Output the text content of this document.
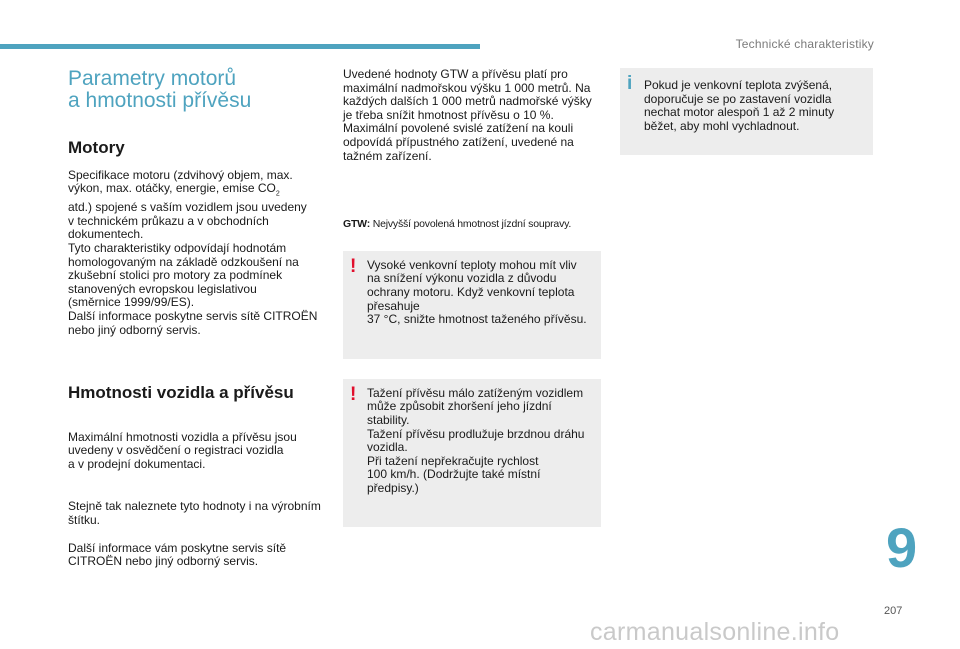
Technické charakteristiky
Parametry motorů
a hmotnosti přívěsu
Motory

Specifikace motoru (zdvihový objem, max. výkon, max. otáčky, energie, emise $CO_2$
atd.) spojené s vaším vozidlem jsou uvedeny
v technickém průkazu a v obchodních dokumentech.
Tyto charakteristiky odpovídají hodnotám homologovaným na základě odzkoušení na zkušební stolici pro motory za podmínek stanovených evropskou legislativou
(směrnice 1999/99/ES).
Další informace poskytne servis sítě CITROËN nebo jiný odborný servis.

Hmotnosti vozidla a přívěsu

Maximální hmotnosti vozidla a přívěsu jsou uvedeny v osvědčení o registraci vozidla
a v prodejní dokumentaci.

Stejně tak naleznete tyto hodnoty i na výrobním štítku.

Další informace vám poskytne servis sítě CITROËN nebo jiný odborný servis.

Uvedené hodnoty GTW a přívěsu platí pro maximální nadmořskou výšku 1 000 metrů. Na každých dalších 1 000 metrů nadmořské výšky je třeba snížit hmotnost přívěsu o 10 %.
Maximální povolené svislé zatížení na kouli odpovídá přípustného zatížení, uvedené na tažném zařízení.

GTW: Nejvyšší povolená hmotnost jízdní soupravy.

! Vysoké venkovní teploty mohou mít vliv na snížení výkonu vozidla z důvodu ochrany motoru. Když venkovní teplota přesahuje
37 °C, snižte hmotnost taženého přívěsu.

! Tažení přívěsu málo zatíženým vozidlem může způsobit zhoršení jeho jízdní stability.
Tažení přívěsu prodlužuje brzdnou dráhu vozidla.
Při tažení nepřekračujte rychlost
100 km/h. (Dodržujte také místní předpisy.)

i Pokud je venkovní teplota zvýšená, doporučuje se po zastavení vozidla nechat motor alespoň 1 až 2 minuty běžet, aby mohl vychladnout.

9
207
carmanualsonline.info
